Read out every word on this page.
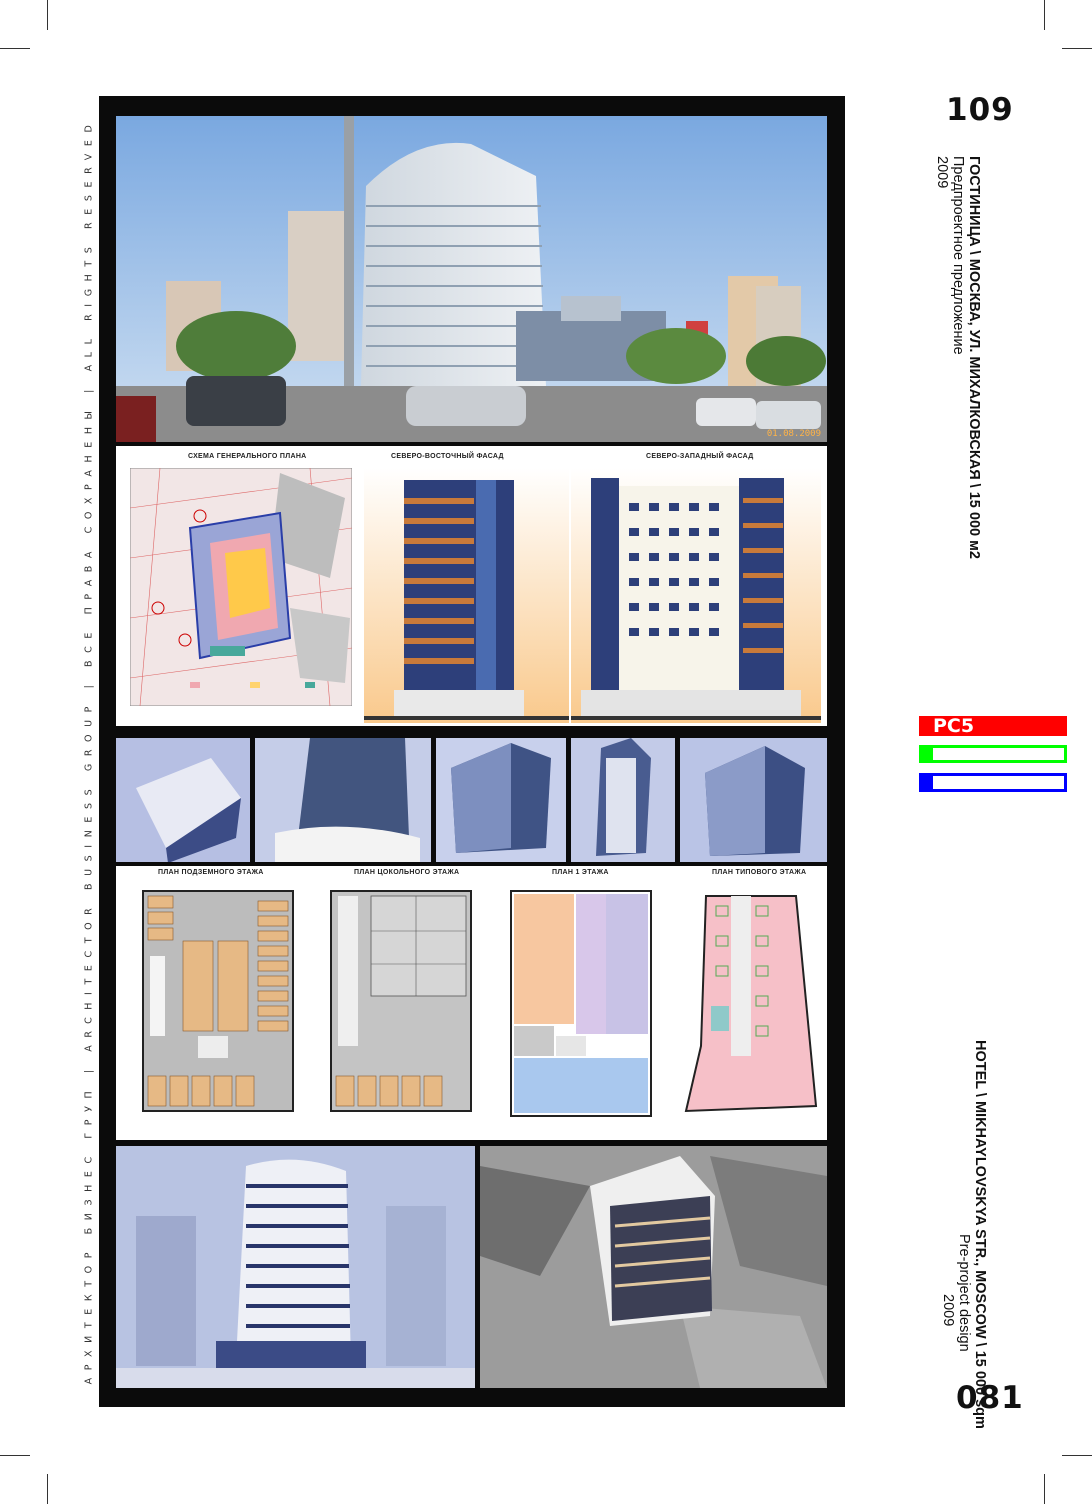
АРХИТЕКТОР БИЗНЕС ГРУП | ARCHITECTOR BUSINESS GROUP | ВСЕ ПРАВА СОХРАНЕНЫ | ALL RIGHTS RESERVED
109
ГОСТИНИЦА \ МОСКВА, УЛ. МИХАЛКОВСКАЯ \ 15 000 м2
Предпроектное предложение
2009
PC5
HOTEL \ MIKHAYLOVSKYA STR., MOSCOW \ 15 000 sqm
Pre-project design
2009
081
01.08.2009
СХЕМА ГЕНЕРАЛЬНОГО ПЛАНА	СЕВЕРО-ВОСТОЧНЫЙ ФАСАД	СЕВЕРО-ЗАПАДНЫЙ ФАСАД
ПЛАН ПОДЗЕМНОГО ЭТАЖА	ПЛАН ЦОКОЛЬНОГО ЭТАЖА	ПЛАН 1 ЭТАЖА	ПЛАН ТИПОВОГО ЭТАЖА
